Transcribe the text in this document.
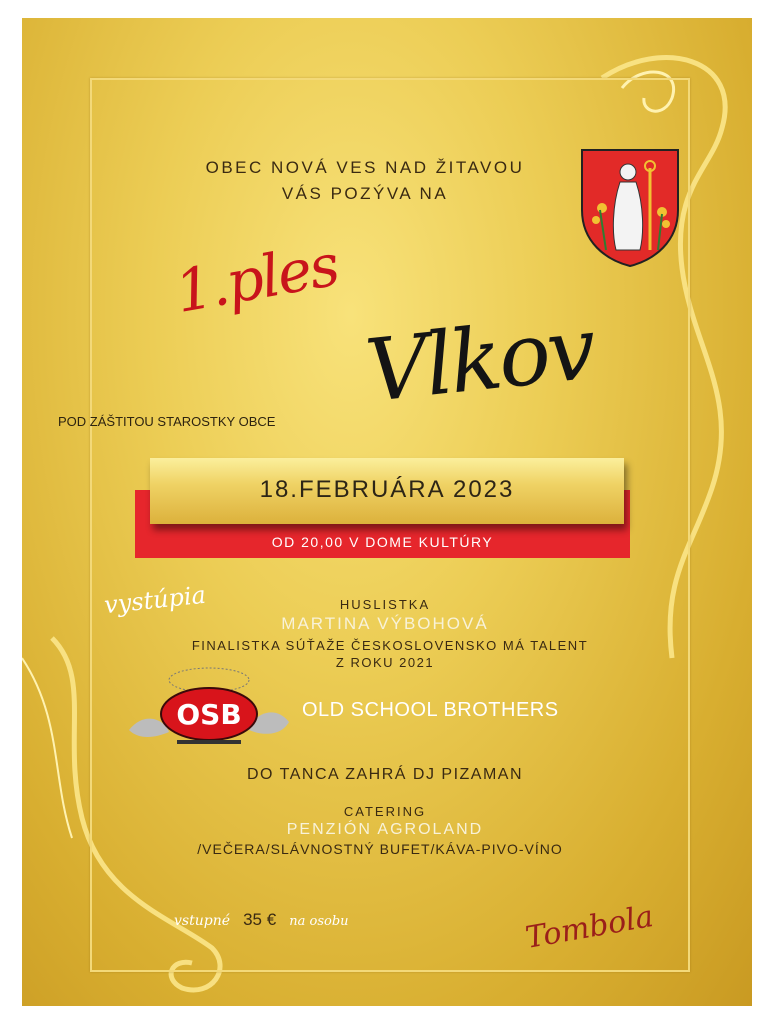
OBEC NOVÁ VES NAD ŽITAVOU
VÁS POZÝVA NA
1.ples
Vlkov
POD ZÁŠTITOU STAROSTKY OBCE
18.FEBRUÁRA 2023
OD 20,00 V DOME KULTÚRY
vystúpia	HUSLISTKA
MARTINA VÝBOHOVÁ
FINALISTKA SÚŤAŽE ČESKOSLOVENSKO MÁ TALENT
Z ROKU 2021
OSB	OLD SCHOOL BROTHERS
DO TANCA ZAHRÁ DJ PIZAMAN
CATERING
PENZIÓN AGROLAND
/VEČERA/SLÁVNOSTNÝ BUFET/KÁVA-PIVO-VÍNO
vstupné 35 € na osobu	Tombola
